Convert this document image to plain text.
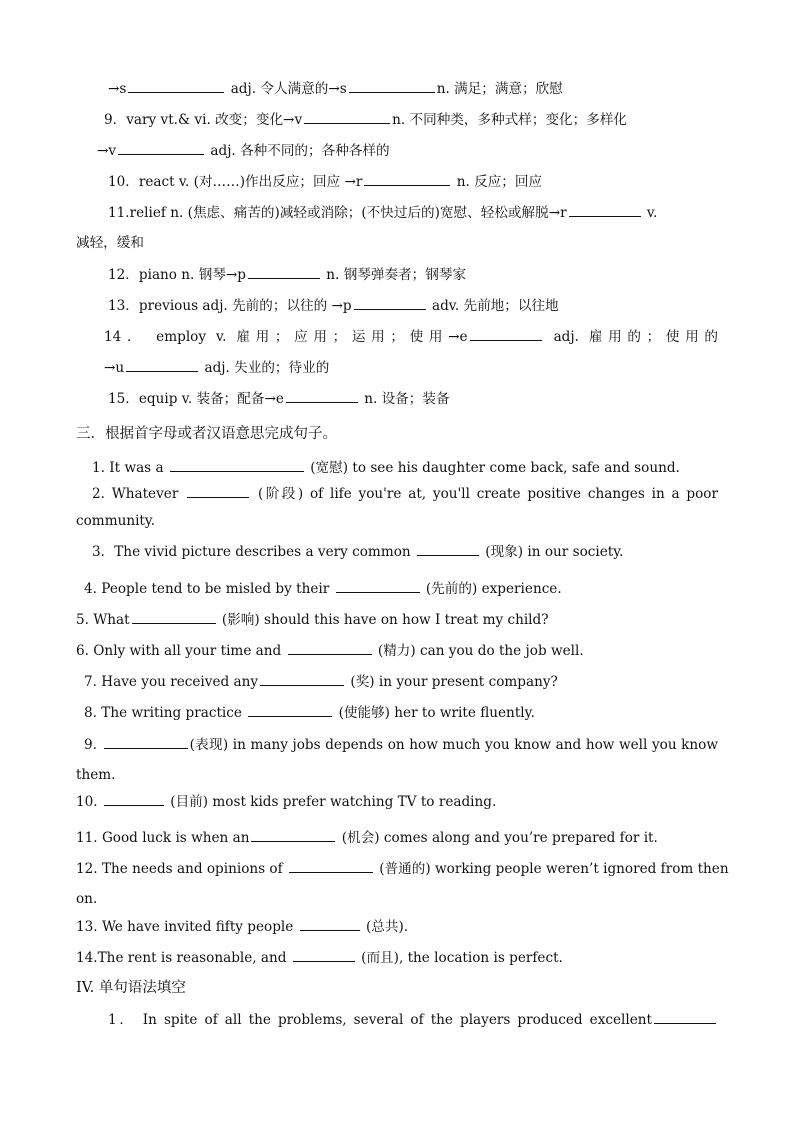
→s	adj. 令人满意的→s	n. 满足；满意；欣慰
9．vary vt.& vi. 改变；变化→v	n. 不同种类，多种式样；变化；多样化
→v	adj. 各种不同的；各种各样的
10．react v. (对……)作出反应；回应 →r	n. 反应；回应
11.relief n. (焦虑、痛苦的)减轻或消除；(不快过后的)宽慰、轻松或解脱→r	v.
减轻，缓和
12．piano n. 钢琴→p	n. 钢琴弹奏者；钢琴家
13．previous adj. 先前的；以往的 →p	adv. 先前地；以往地
14． employ v. 雇用；应用；运用；使用→e	adj. 雇用的；使用的
→u	adj. 失业的；待业的
15．equip v. 装备；配备→e	n. 设备；装备
三．根据首字母或者汉语意思完成句子。
1. It was a	(宽慰) to see his daughter come back, safe and sound.
2. Whatever	(阶段) of life you're at, you'll create positive changes in a poor
community.
3．The vivid picture describes a very common	(现象) in our society.
4. People tend to be misled by their	(先前的) experience.
5. What	(影响) should this have on how I treat my child?
6. Only with all your time and	(精力) can you do the job well.
7. Have you received any	(奖) in your present company?
8. The writing practice	(使能够) her to write fluently.
9.	(表现) in many jobs depends on how much you know and how well you know
them.
10.	(目前) most kids prefer watching TV to reading.
11. Good luck is when an	(机会) comes along and you’re prepared for it.
12. The needs and opinions of	(普通的) working people weren’t ignored from then
on.
13. We have invited fifty people	(总共).
14.The rent is reasonable, and	(而且), the location is perfect.
IV. 单句语法填空
1． In spite of all the problems, several of the players produced excellent
